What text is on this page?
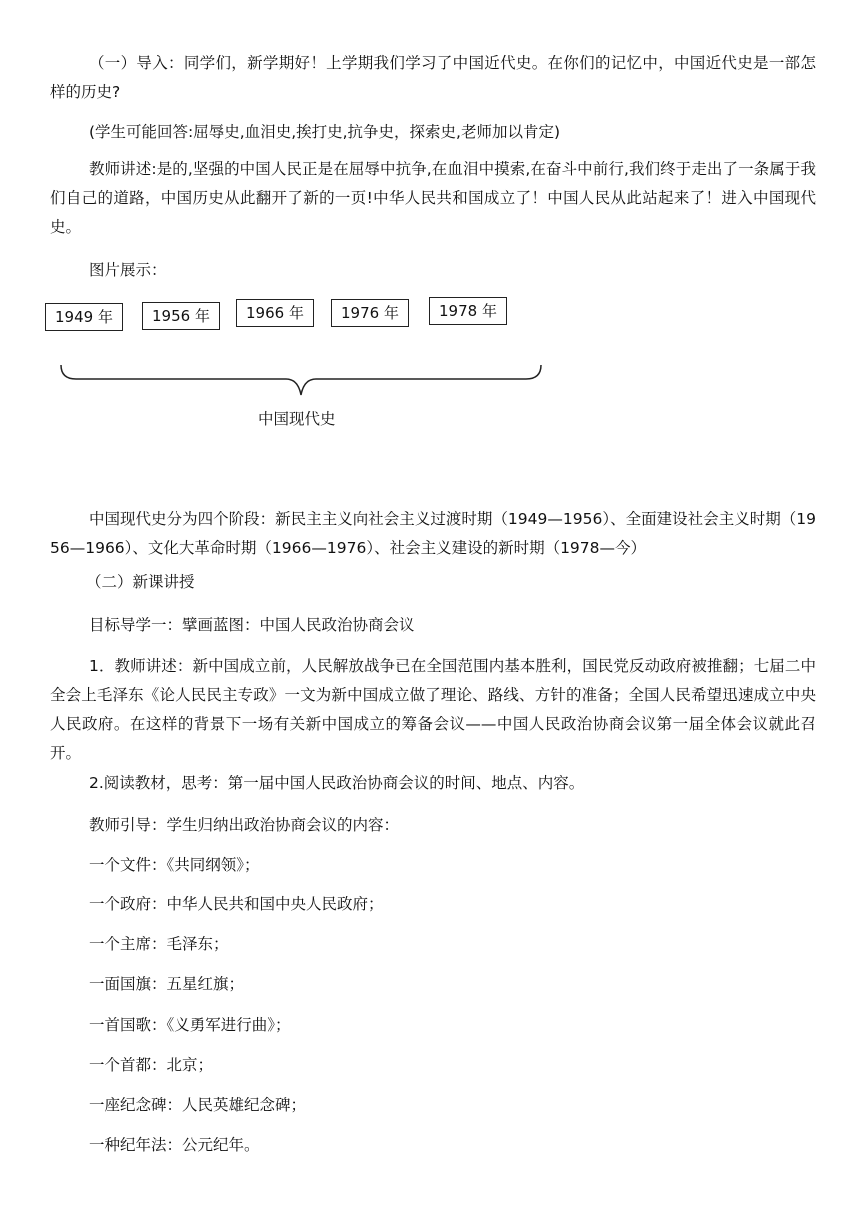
（一）导入：同学们，新学期好！上学期我们学习了中国近代史。在你们的记忆中，中国近代史是一部怎样的历史?

(学生可能回答:屈辱史,血泪史,挨打史,抗争史，探索史,老师加以肯定)

教师讲述:是的,坚强的中国人民正是在屈辱中抗争,在血泪中摸索,在奋斗中前行,我们终于走出了一条属于我们自己的道路，中国历史从此翻开了新的一页!中华人民共和国成立了！中国人民从此站起来了！进入中国现代史。

图片展示：

1949 年	1956 年	1966 年	1976 年	1978 年
中国现代史

中国现代史分为四个阶段：新民主主义向社会主义过渡时期（1949—1956）、全面建设社会主义时期（1956—1966）、文化大革命时期（1966—1976）、社会主义建设的新时期（1978—今）

（二）新课讲授

目标导学一：擘画蓝图：中国人民政治协商会议

1．教师讲述：新中国成立前，人民解放战争已在全国范围内基本胜利，国民党反动政府被推翻；七届二中全会上毛泽东《论人民民主专政》一文为新中国成立做了理论、路线、方针的准备；全国人民希望迅速成立中央人民政府。在这样的背景下一场有关新中国成立的筹备会议——中国人民政治协商会议第一届全体会议就此召开。

2.阅读教材，思考：第一届中国人民政治协商会议的时间、地点、内容。

教师引导：学生归纳出政治协商会议的内容：

一个文件：《共同纲领》；

一个政府：中华人民共和国中央人民政府；

一个主席：毛泽东；

一面国旗：五星红旗；

一首国歌：《义勇军进行曲》；

一个首都：北京；

一座纪念碑：人民英雄纪念碑；

一种纪年法：公元纪年。
